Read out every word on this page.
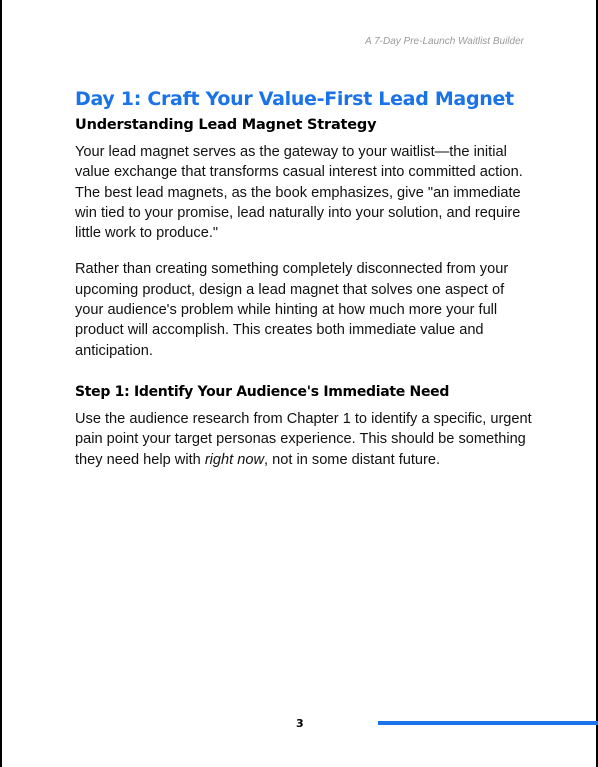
A 7-Day Pre-Launch Waitlist Builder
Day 1: Craft Your Value-First Lead Magnet
Understanding Lead Magnet Strategy

Your lead magnet serves as the gateway to your waitlist—the initial value exchange that transforms casual interest into committed action. The best lead magnets, as the book emphasizes, give "an immediate win tied to your promise, lead naturally into your solution, and require little work to produce."

Rather than creating something completely disconnected from your upcoming product, design a lead magnet that solves one aspect of your audience's problem while hinting at how much more your full product will accomplish. This creates both immediate value and anticipation.

Step 1: Identify Your Audience's Immediate Need

Use the audience research from Chapter 1 to identify a specific, urgent pain point your target personas experience. This should be something they need help with right now, not in some distant future.

3
